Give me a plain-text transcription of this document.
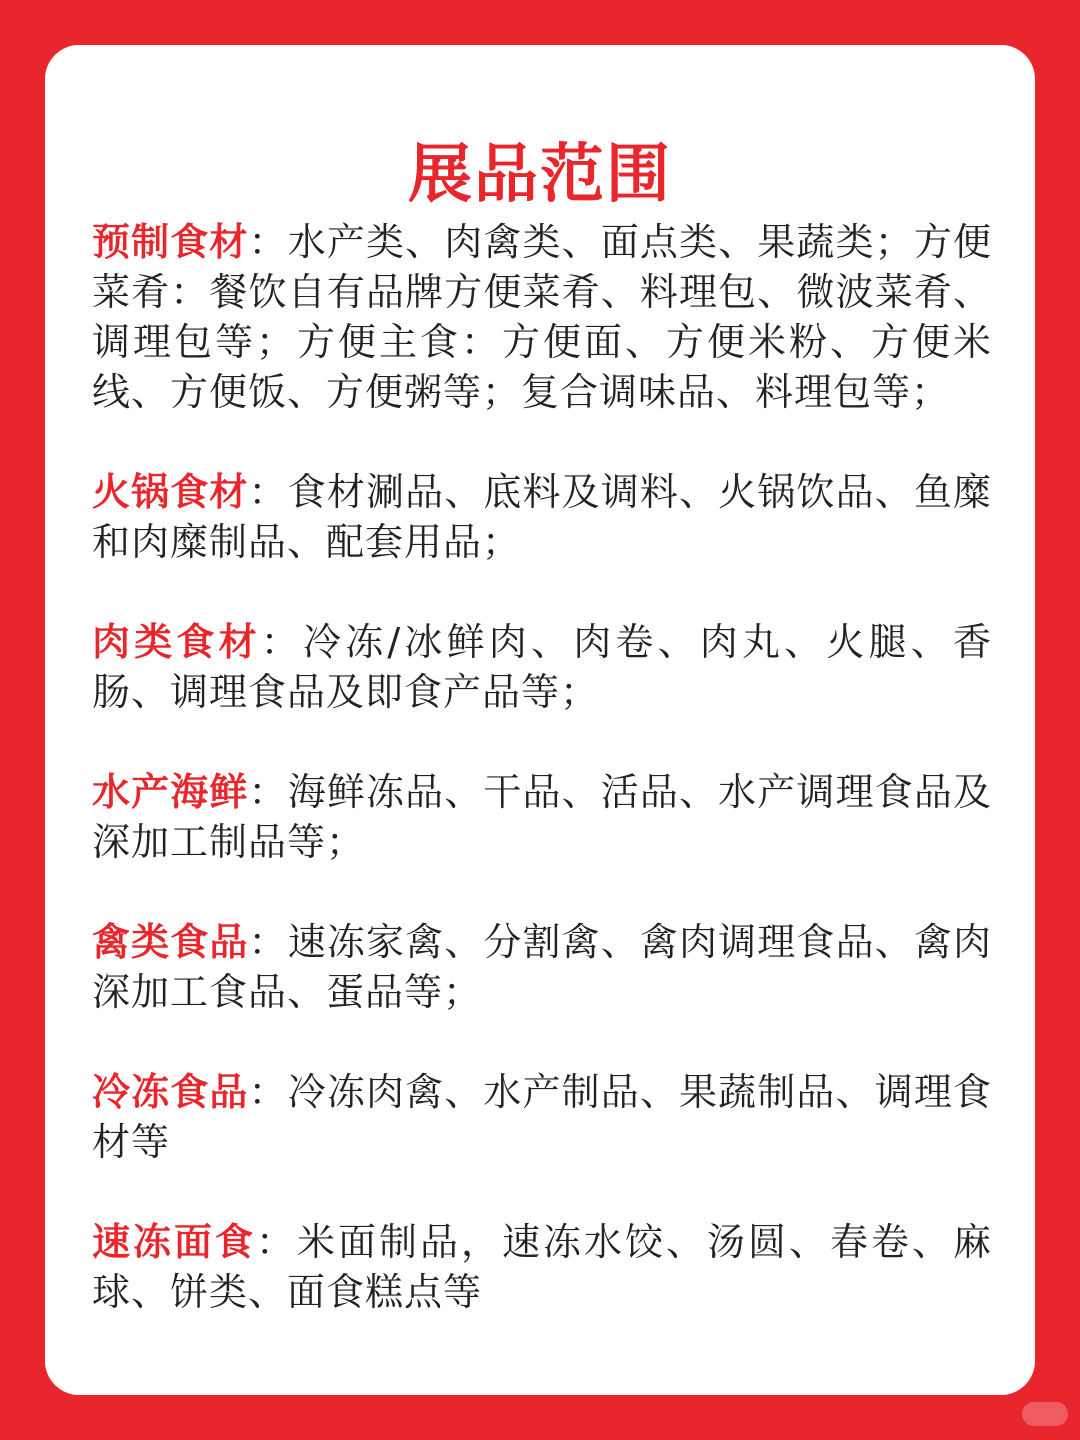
展品范围

预制食材：水产类、肉禽类、面点类、果蔬类；方便菜肴：餐饮自有品牌方便菜肴、料理包、微波菜肴、调理包等；方便主食：方便面、方便米粉、方便米线、方便饭、方便粥等；复合调味品、料理包等；

火锅食材：食材涮品、底料及调料、火锅饮品、鱼糜和肉糜制品、配套用品；

肉类食材：冷冻/冰鲜肉、肉卷、肉丸、火腿、香肠、调理食品及即食产品等；

水产海鲜：海鲜冻品、干品、活品、水产调理食品及深加工制品等；

禽类食品：速冻家禽、分割禽、禽肉调理食品、禽肉深加工食品、蛋品等；

冷冻食品：冷冻肉禽、水产制品、果蔬制品、调理食材等

速冻面食：米面制品，速冻水饺、汤圆、春卷、麻球、饼类、面食糕点等
